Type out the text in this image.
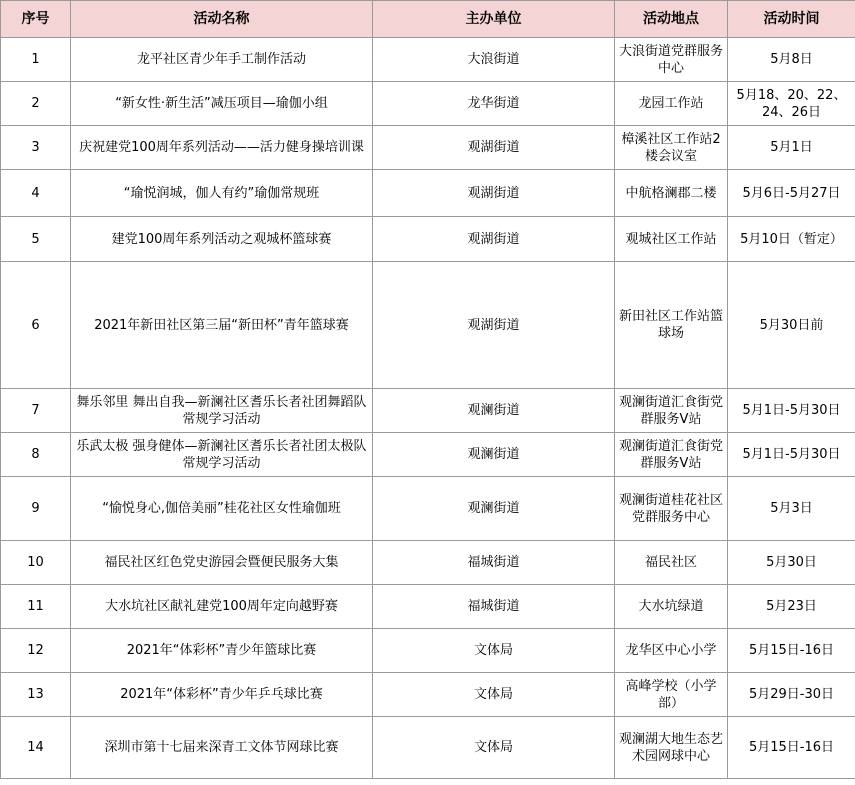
序号	活动名称	主办单位	活动地点	活动时间
1	龙平社区青少年手工制作活动	大浪街道	大浪街道党群服务中心	5月8日
2	“新女性·新生活”减压项目—瑜伽小组	龙华街道	龙园工作站	5月18、20、22、24、26日
3	庆祝建党100周年系列活动——活力健身操培训课	观湖街道	樟溪社区工作站2楼会议室	5月1日
4	“瑜悦润城，伽人有约”瑜伽常规班	观湖街道	中航格澜郡二楼	5月6日-5月27日
5	建党100周年系列活动之观城杯篮球赛	观湖街道	观城社区工作站	5月10日（暂定）
6	2021年新田社区第三届“新田杯”青年篮球赛	观湖街道	新田社区工作站篮球场	5月30日前
7	舞乐邻里 舞出自我—新澜社区耆乐长者社团舞蹈队常规学习活动	观澜街道	观澜街道汇食街党群服务V站	5月1日-5月30日
8	乐武太极 强身健体—新澜社区耆乐长者社团太极队常规学习活动	观澜街道	观澜街道汇食街党群服务V站	5月1日-5月30日
9	“愉悦身心,伽倍美丽”桂花社区女性瑜伽班	观澜街道	观澜街道桂花社区党群服务中心	5月3日
10	福民社区红色党史游园会暨便民服务大集	福城街道	福民社区	5月30日
11	大水坑社区献礼建党100周年定向越野赛	福城街道	大水坑绿道	5月23日
12	2021年“体彩杯”青少年篮球比赛	文体局	龙华区中心小学	5月15日-16日
13	2021年“体彩杯”青少年乒乓球比赛	文体局	高峰学校（小学部）	5月29日-30日
14	深圳市第十七届来深青工文体节网球比赛	文体局	观澜湖大地生态艺术园网球中心	5月15日-16日
